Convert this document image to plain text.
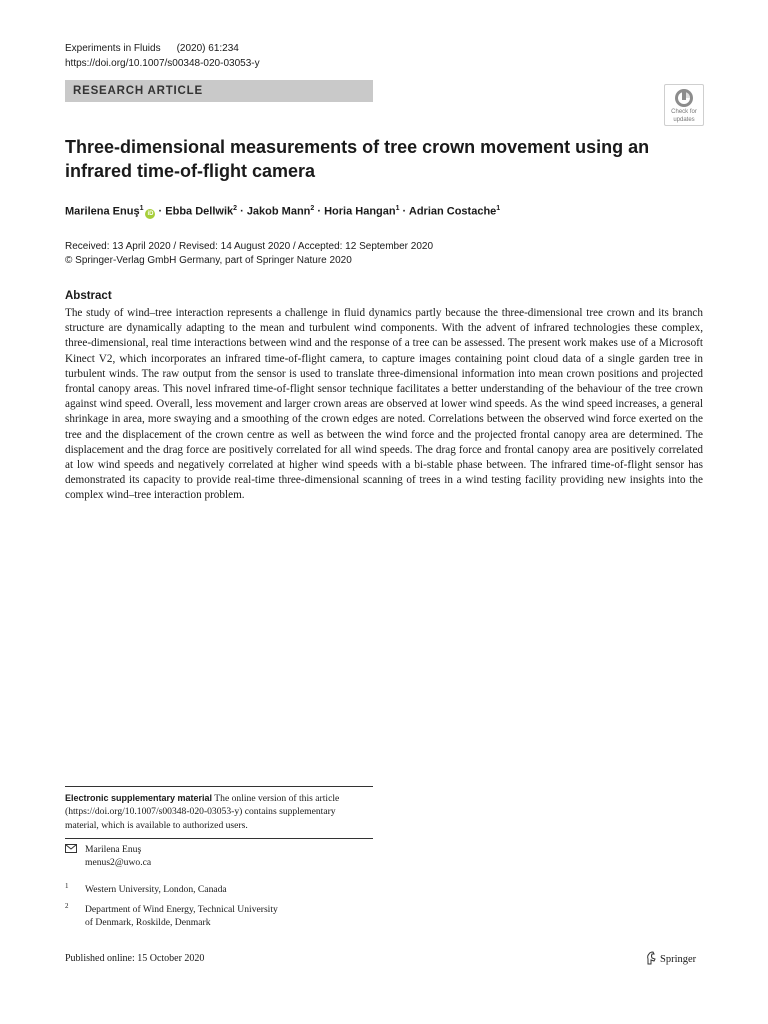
Experiments in Fluids (2020) 61:234
https://doi.org/10.1007/s00348-020-03053-y
RESEARCH ARTICLE
Check for
updates
Three-dimensional measurements of tree crown movement using an infrared time-of-flight camera
Marilena Enuş$^1$iD · Ebba Dellwik$^2$ · Jakob Mann$^2$ · Horia Hangan$^1$ · Adrian Costache$^1$
Received: 13 April 2020 / Revised: 14 August 2020 / Accepted: 12 September 2020
© Springer-Verlag GmbH Germany, part of Springer Nature 2020
Abstract
The study of wind–tree interaction represents a challenge in fluid dynamics partly because the three-dimensional tree crown and its branch structure are dynamically adapting to the mean and turbulent wind components. With the advent of infrared technologies these complex, three-dimensional, real time interactions between wind and the response of a tree can be assessed. The present work makes use of a Microsoft Kinect V2, which incorporates an infrared time-of-flight camera, to capture images containing point cloud data of a single garden tree in turbulent winds. The raw output from the sensor is used to translate three-dimensional information into mean crown positions and projected frontal canopy areas. This novel infrared time-of-flight sensor technique facilitates a better understanding of the behaviour of the tree crown against wind speed. Overall, less movement and larger crown areas are observed at lower wind speeds. As the wind speed increases, a general shrinkage in area, more swaying and a smoothing of the crown edges are noted. Correlations between the observed wind force exerted on the tree and the displacement of the crown centre as well as between the wind force and the projected frontal canopy area are determined. The displacement and the drag force are positively correlated for all wind speeds. The drag force and frontal canopy area are positively correlated at low wind speeds and negatively correlated at higher wind speeds with a bi-stable phase between. The infrared time-of-flight sensor has demonstrated its capacity to provide real-time three-dimensional scanning of trees in a wind testing facility providing new insights into the complex wind–tree interaction problem.
Electronic supplementary material The online version of this article (https://doi.org/10.1007/s00348-020-03053-y) contains supplementary material, which is available to authorized users.
Marilena Enuş
menus2@uwo.ca
1 Western University, London, Canada
2 Department of Wind Energy, Technical University
of Denmark, Roskilde, Denmark
Published online: 15 October 2020	Springer
